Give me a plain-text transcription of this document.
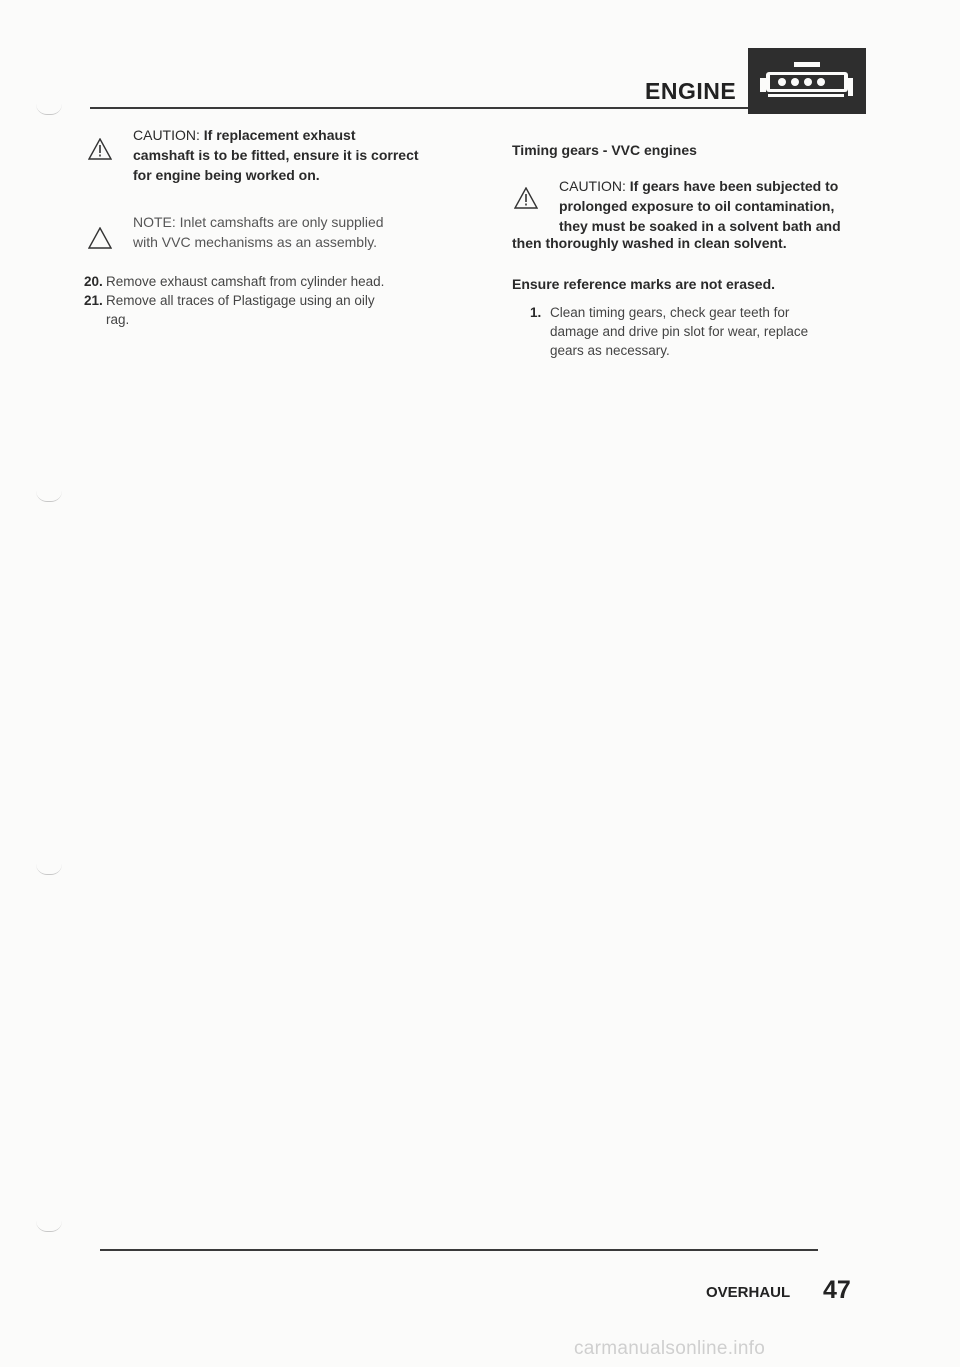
ENGINE
CAUTION: If replacement exhaust
camshaft is to be fitted, ensure it is correct
for engine being worked on.
NOTE: Inlet camshafts are only supplied
with VVC mechanisms as an assembly.
20. Remove exhaust camshaft from cylinder head.
21. Remove all traces of Plastigage using an oily
rag.
Timing gears - VVC engines
CAUTION: If gears have been subjected to
prolonged exposure to oil contamination,
they must be soaked in a solvent bath and
then thoroughly washed in clean solvent.
Ensure reference marks are not erased.
1. Clean timing gears, check gear teeth for
damage and drive pin slot for wear, replace
gears as necessary.
OVERHAUL 47
carmanualsonline.info
